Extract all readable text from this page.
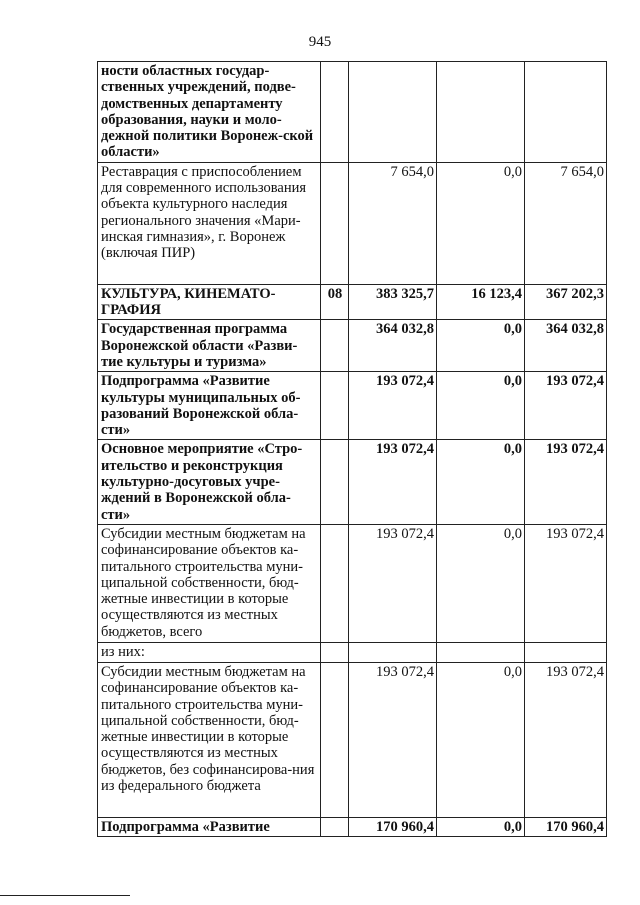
945
ности областных государ-ственных учреждений, подве-домственных департаменту образования, науки и моло-дежной политики Воронеж-ской области»				
Реставрация с приспособлением для современного использования объекта культурного наследия регионального значения «Мари-инская гимназия», г. Воронеж (включая ПИР)		7 654,0	0,0	7 654,0
КУЛЬТУРА, КИНЕМАТО-ГРАФИЯ	08	383 325,7	16 123,4	367 202,3
Государственная программа Воронежской области «Разви-тие культуры и туризма»		364 032,8	0,0	364 032,8
Подпрограмма «Развитие культуры муниципальных об-разований Воронежской обла-сти»		193 072,4	0,0	193 072,4
Основное мероприятие «Стро-ительство и реконструкция культурно-досуговых учре-ждений в Воронежской обла-сти»		193 072,4	0,0	193 072,4
Субсидии местным бюджетам на софинансирование объектов ка-питального строительства муни-ципальной собственности, бюд-жетные инвестиции в которые осуществляются из местных бюджетов, всего		193 072,4	0,0	193 072,4
из них:				
Субсидии местным бюджетам на софинансирование объектов ка-питального строительства муни-ципальной собственности, бюд-жетные инвестиции в которые осуществляются из местных бюджетов, без софинансирова-ния из федерального бюджета		193 072,4	0,0	193 072,4
Подпрограмма «Развитие		170 960,4	0,0	170 960,4
